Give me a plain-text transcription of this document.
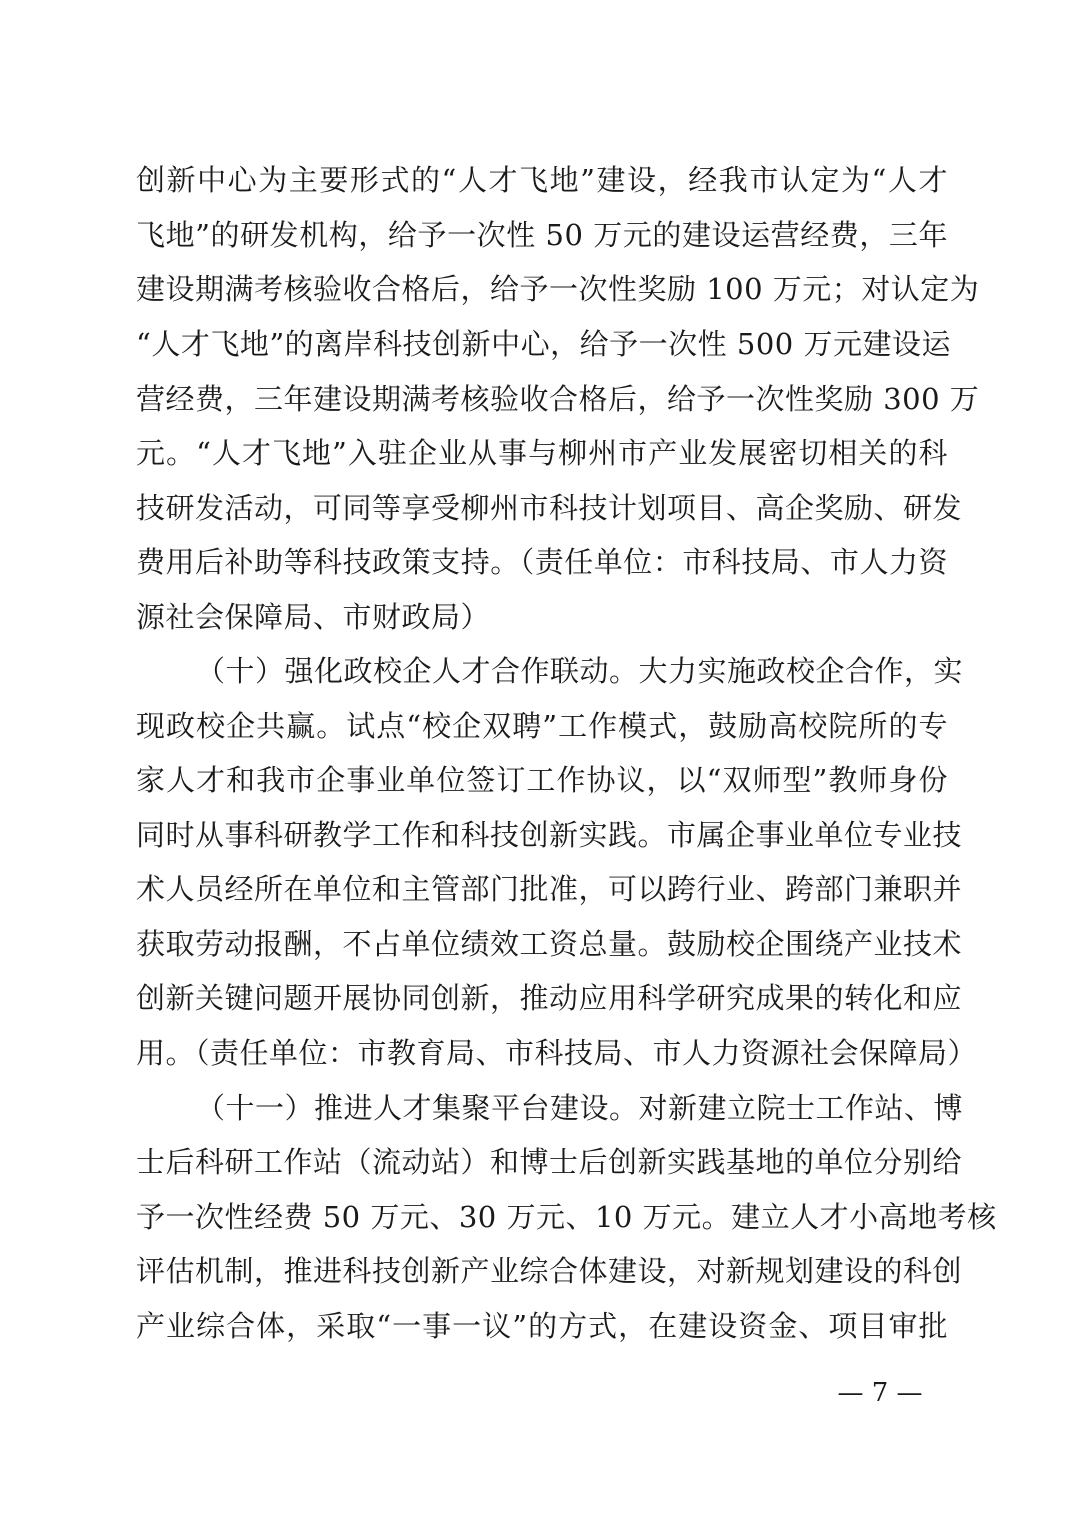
创新中心为主要形式的“人才飞地”建设，经我市认定为“人才
飞地”的研发机构，给予一次性 50 万元的建设运营经费，三年
建设期满考核验收合格后，给予一次性奖励 100 万元；对认定为
“人才飞地”的离岸科技创新中心，给予一次性 500 万元建设运
营经费，三年建设期满考核验收合格后，给予一次性奖励 300 万
元。“人才飞地”入驻企业从事与柳州市产业发展密切相关的科
技研发活动，可同等享受柳州市科技计划项目、高企奖励、研发
费用后补助等科技政策支持。（责任单位：市科技局、市人力资
源社会保障局、市财政局）
（十）强化政校企人才合作联动。大力实施政校企合作，实
现政校企共赢。试点“校企双聘”工作模式，鼓励高校院所的专
家人才和我市企事业单位签订工作协议，以“双师型”教师身份
同时从事科研教学工作和科技创新实践。市属企事业单位专业技
术人员经所在单位和主管部门批准，可以跨行业、跨部门兼职并
获取劳动报酬，不占单位绩效工资总量。鼓励校企围绕产业技术
创新关键问题开展协同创新，推动应用科学研究成果的转化和应
用。（责任单位：市教育局、市科技局、市人力资源社会保障局）
（十一）推进人才集聚平台建设。对新建立院士工作站、博
士后科研工作站（流动站）和博士后创新实践基地的单位分别给
予一次性经费 50 万元、30 万元、10 万元。建立人才小高地考核
评估机制，推进科技创新产业综合体建设，对新规划建设的科创
产业综合体，采取“一事一议”的方式，在建设资金、项目审批
— 7 —
